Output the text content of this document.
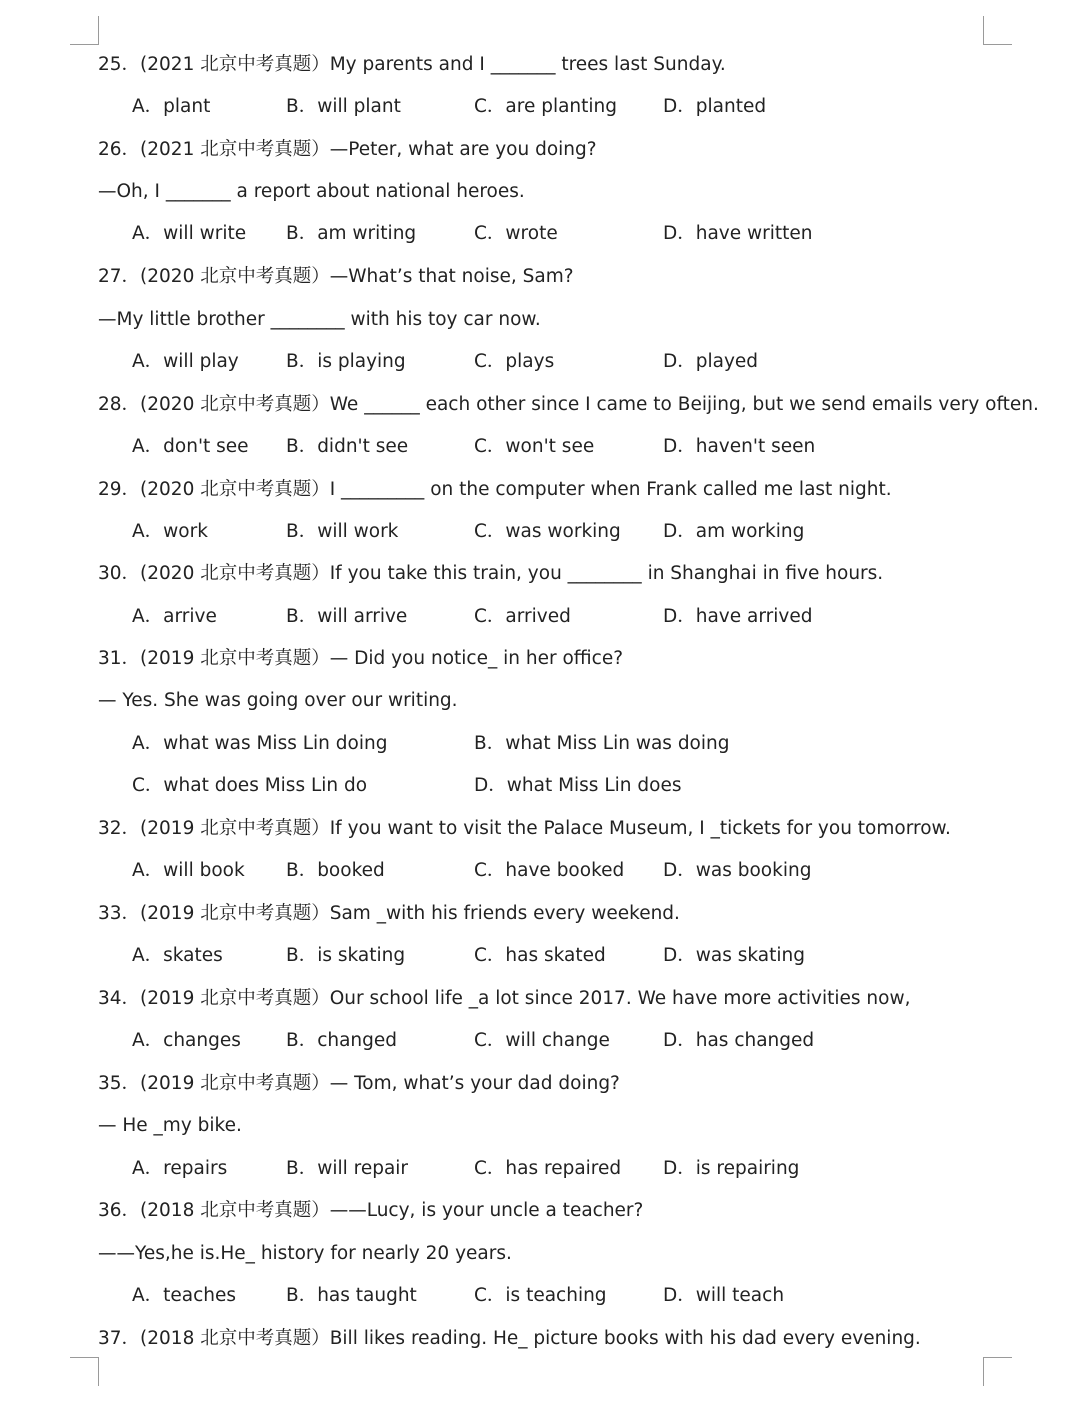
25．(2021 北京中考真题）My parents and I _______ trees last Sunday.
A．plant	B．will plant	C．are planting D．planted
26．(2021 北京中考真题）—Peter, what are you doing?
—Oh, I _______ a report about national heroes.
A．will write B．am writing	C．wrote	D．have written
27．(2020 北京中考真题）—What’s that noise, Sam?
—My little brother ________ with his toy car now.
A．will play	B．is playing	C．plays	D．played
28．(2020 北京中考真题）We ______ each other since I came to Beijing, but we send emails very often.
A．don't see B．didn't see	C．won't see	D．haven't seen
29．(2020 北京中考真题）I _________ on the computer when Frank called me last night.
A．work	B．will work	C．was working D．am working
30．(2020 北京中考真题）If you take this train, you ________ in Shanghai in five hours.
A．arrive	B．will arrive	C．arrived	D．have arrived
31．(2019 北京中考真题）— Did you notice_ in her office?
— Yes. She was going over our writing.
A．what was Miss Lin doing	B．what Miss Lin was doing
C．what does Miss Lin do	D．what Miss Lin does
32．(2019 北京中考真题）If you want to visit the Palace Museum, I _tickets for you tomorrow.
A．will book B．booked	C．have booked D．was booking
33．(2019 北京中考真题）Sam _with his friends every weekend.
A．skates	B．is skating	C．has skated	D．was skating
34．(2019 北京中考真题）Our school life _a lot since 2017. We have more activities now,
A．changes B．changed	C．will change	D．has changed
35．(2019 北京中考真题）— Tom, what’s your dad doing?
— He _my bike.
A．repairs	B．will repair	C．has repaired D．is repairing
36．(2018 北京中考真题）——Lucy, is your uncle a teacher?
——Yes,he is.He_ history for nearly 20 years.
A．teaches	B．has taught	C．is teaching	D．will teach
37．(2018 北京中考真题）Bill likes reading. He_ picture books with his dad every evening.
